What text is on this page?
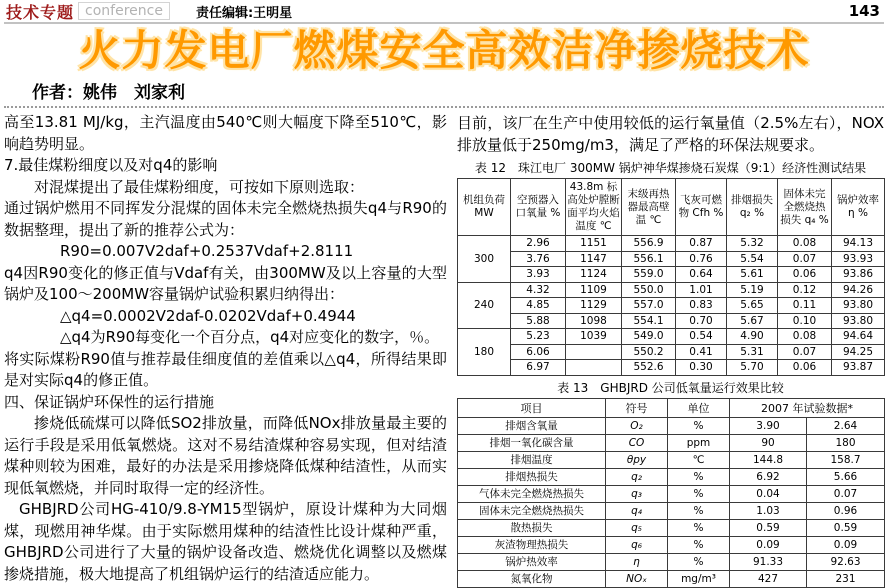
技术专题 conference	责任编辑:王明星	143
火力发电厂燃煤安全高效洁净掺烧技术
作者：姚伟　刘家利

高至13.81 MJ/kg，主汽温度由540℃则大幅度下降至510℃，影响趋势明显。

7.最佳煤粉细度以及对q4的影响

对混煤提出了最佳煤粉细度，可按如下原则选取：

通过锅炉燃用不同挥发分混煤的固体未完全燃烧热损失q4与R90的数据整理，提出了新的推荐公式为：

R90=0.007V2daf+0.2537Vdaf+2.8111

q4因R90变化的修正值与Vdaf有关，由300MW及以上容量的大型锅炉及100～200MW容量锅炉试验积累归纳得出：

△q4=0.0002V2daf-0.0202Vdaf+0.4944

△q4为R90每变化一个百分点，q4对应变化的数字，％。

将实际煤粉R90值与推荐最佳细度值的差值乘以△q4，所得结果即是对实际q4的修正值。

四、保证锅炉环保性的运行措施

掺烧低硫煤可以降低SO2排放量，而降低NOx排放量最主要的运行手段是采用低氧燃烧。这对不易结渣煤种容易实现，但对结渣煤种则较为困难，最好的办法是采用掺烧降低煤种结渣性，从而实现低氧燃烧，并同时取得一定的经济性。

GHBJRD公司HG-410/9.8-YM15型锅炉，原设计煤种为大同烟煤，现燃用神华煤。由于实际燃用煤种的结渣性比设计煤种严重，GHBJRD公司进行了大量的锅炉设备改造、燃烧优化调整以及燃煤掺烧措施，极大地提高了机组锅炉运行的结渣适应能力。

目前，该厂在生产中使用较低的运行氧量值（2.5%左右），NOX排放量低于250mg/m3，满足了严格的环保法规要求。

表 12　珠江电厂 300MW 锅炉神华煤掺烧石炭煤（9:1）经济性测试结果
机组负荷 MW	空预器入口氧量 %	43.8m 标高处炉膛断面平均火焰温度 ℃	末级再热器最高壁温 ℃	飞灰可燃物 Cfh %	排烟损失 q₂ %	固体未完全燃烧热损失 q₄ %	锅炉效率 η %
300	2.96	1151	556.9	0.87	5.32	0.08	94.13
	3.76	1147	556.1	0.76	5.54	0.07	93.93
	3.93	1124	559.0	0.64	5.61	0.06	93.86
240	4.32	1109	550.0	1.01	5.19	0.12	94.26
	4.85	1129	557.0	0.83	5.65	0.11	93.80
	5.88	1098	554.1	0.70	5.67	0.10	93.80
180	5.23	1039	549.0	0.54	4.90	0.08	94.64
	6.06		550.2	0.41	5.31	0.07	94.25
	6.97		552.6	0.30	5.70	0.06	93.87
表 13　GHBJRD 公司低氧量运行效果比较
项目	符号	单位	2007 年试验数据*	
排烟含氧量	O₂	%	3.90	2.64
排烟一氧化碳含量	CO	ppm	90	180
排烟温度	θpy	℃	144.8	158.7
排烟热损失	q₂	%	6.92	5.66
气体未完全燃烧热损失	q₃	%	0.04	0.07
固体未完全燃烧热损失	q₄	%	1.03	0.96
散热损失	q₅	%	0.59	0.59
灰渣物理热损失	q₆	%	0.09	0.09
锅炉热效率	η	%	91.33	92.63
氮氧化物	NOₓ	mg/m³	427	231
